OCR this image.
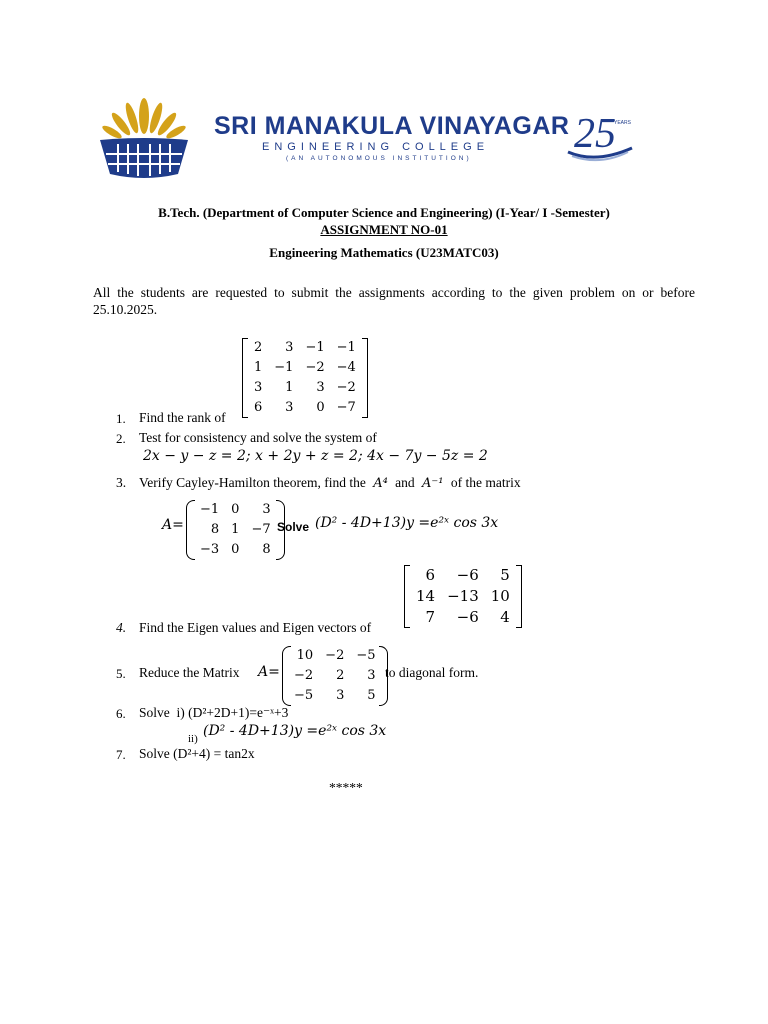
SRI MANAKULA VINAYAGAR
ENGINEERING COLLEGE
(AN AUTONOMOUS INSTITUTION)
25
YEARS
B.Tech. (Department of Computer Science and Engineering) (I-Year/ I -Semester)
ASSIGNMENT NO-01
Engineering Mathematics (U23MATC03)
All the students are requested to submit the assignments according to the given problem on or before 25.10.2025.
1. Find the rank of
2	3	−1	−1
1	−1	−2	−4
3	1	3	−2
6	3	0	−7
2. Test for consistency and solve the system of
2x − y − z = 2; x + 2y + z = 2; 4x − 7y − 5z = 2
3. Verify Cayley-Hamilton theorem, find the A⁴ and A⁻¹ of the matrix
A=
−1	0	3
8	1	−7
−3	0	8
Solve (D² - 4D+13)y =e²ˣ cos 3x
4. Find the Eigen values and Eigen vectors of
6	−6	5
14	−13	10
7	−6	4
5. Reduce the Matrix A=
10	−2	−5
−2	2	3
−5	3	5
to diagonal form.
6. Solve i) (D²+2D+1)=e⁻ˣ+3
ii) (D² - 4D+13)y =e²ˣ cos 3x
7. Solve (D²+4) = tan2x
*****
